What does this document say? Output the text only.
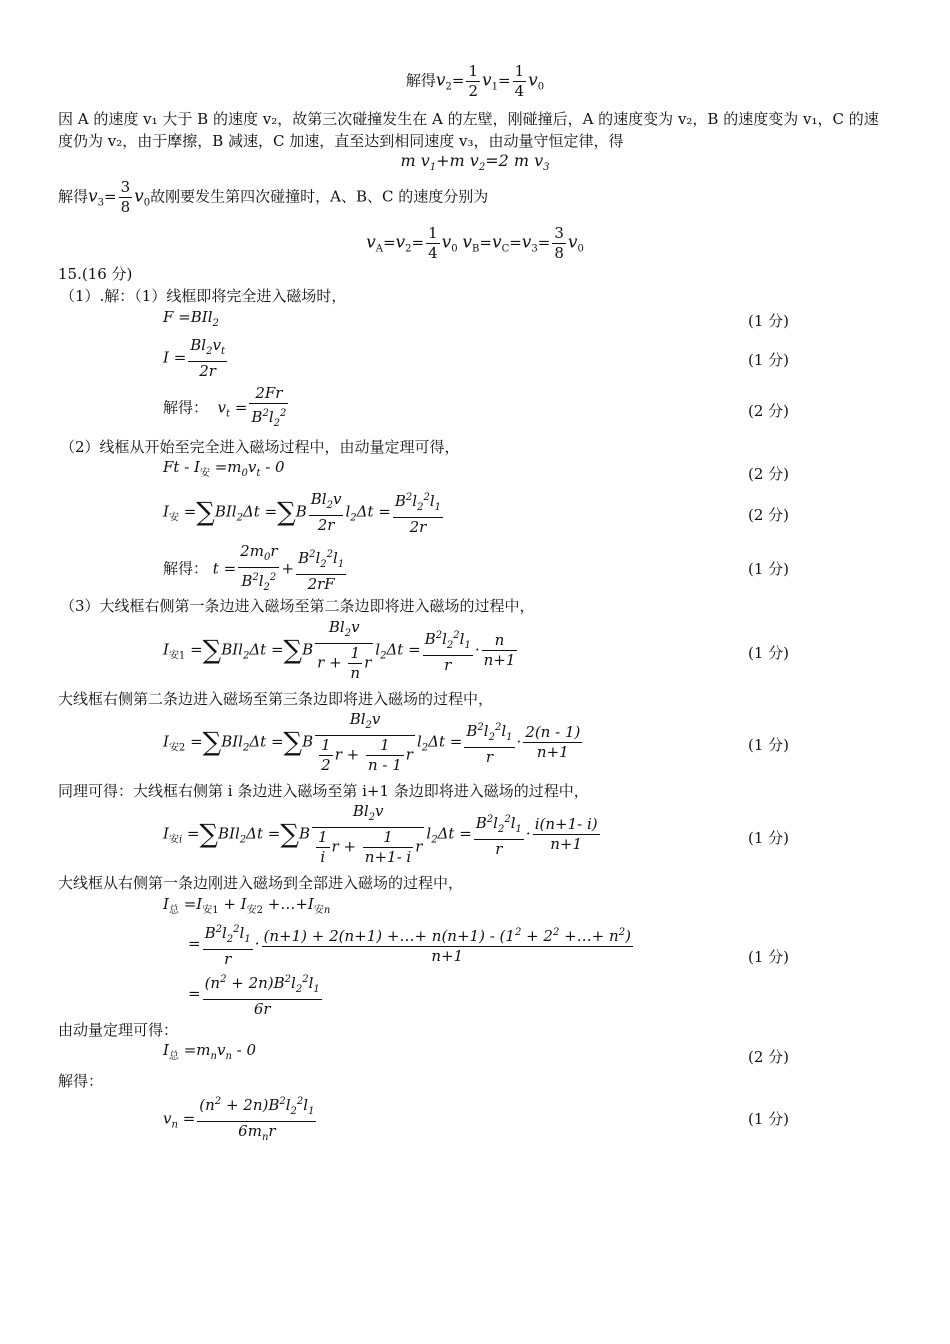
解得$v_2= \frac{1}{2} v_1= \frac{1}{4} v_0$
因 A 的速度 v₁ 大于 B 的速度 v₂，故第三次碰撞发生在 A 的左壁，刚碰撞后，A 的速度变为 v₂，B 的速度变为 v₁，C 的速度仍为 v₂，由于摩擦，B 减速，C 加速，直至达到相同速度 v₃，由动量守恒定律，得
m $v_1+m$ $v_2=2$ m $v_3$
解得$v_3= \frac{3}{8} v_0$故刚要发生第四次碰撞时，A、B、C 的速度分别为
$v_A=v_2= \frac{1}{4} v_0$ $v_B=v_C=v_3= \frac{3}{8} v_0$
15.(16 分)
（1）.解：（1）线框即将完全进入磁场时，
F =BIl$_2$	(1 分)
$I = \frac{Bl_2v_t}{2r}$	(1 分)
解得：  $v_t = \frac{2Fr}{B^2l_2^2}$	(2 分)
（2）线框从开始至完全进入磁场过程中，由动量定理可得，
$Ft - I_安 =m_0v_t - 0$	(2 分)
$I_安 =\sum BIl_2\Delta t =\sum B \frac{Bl_2v}{2r} l_2\Delta t = \frac{B^2l_2^2l_1}{2r}$	(2 分)
解得： $t = \frac{2m_0r}{B^2l_2^2} + \frac{B^2l_2^2l_1}{2rF}$	(1 分)
（3）大线框右侧第一条边进入磁场至第二条边即将进入磁场的过程中，
$I_{安1} =\sum BIl_2\Delta t =\sum B \frac{Bl_2v}{r + \frac{1}{n} r} l_2\Delta t = \frac{B^2l_2^2l_1}{r} \cdot \frac{n}{n+1}$	(1 分)
大线框右侧第二条边进入磁场至第三条边即将进入磁场的过程中，
$I_{安2} =\sum BIl_2\Delta t =\sum B \frac{Bl_2v}{\frac{1}{2} r + \frac{1}{n - 1} r} l_2\Delta t = \frac{B^2l_2^2l_1}{r} \cdot \frac{2(n - 1)}{n+1}$	(1 分)
同理可得：大线框右侧第 i 条边进入磁场至第 i+1 条边即将进入磁场的过程中，
$I_{安i} =\sum BIl_2\Delta t =\sum B \frac{Bl_2v}{\frac{1}{i} r + \frac{1}{n+1- i} r} l_2\Delta t = \frac{B^2l_2^2l_1}{r} \cdot \frac{i(n+1- i)}{n+1}$	(1 分)
大线框从右侧第一条边刚进入磁场到全部进入磁场的过程中，
$I_总 =I_{安1} + I_{安2}$ $+\dots+I_{安n}$
= $\frac{B^2l_2^2l_1}{r} \cdot \frac{(n+1) + 2(n+1) +\dots+ n(n+1) - (1^2 + 2^2 +\dots+ n^2)}{n+1}$	(1 分)
= $\frac{(n^2 + 2n)B^2l_2^2l_1}{6r}$
由动量定理可得：
$I_总 =m_nv_n - 0$	(2 分)
解得：
$v_n = \frac{(n^2 + 2n)B^2l_2^2l_1}{6m_nr}$	(1 分)
